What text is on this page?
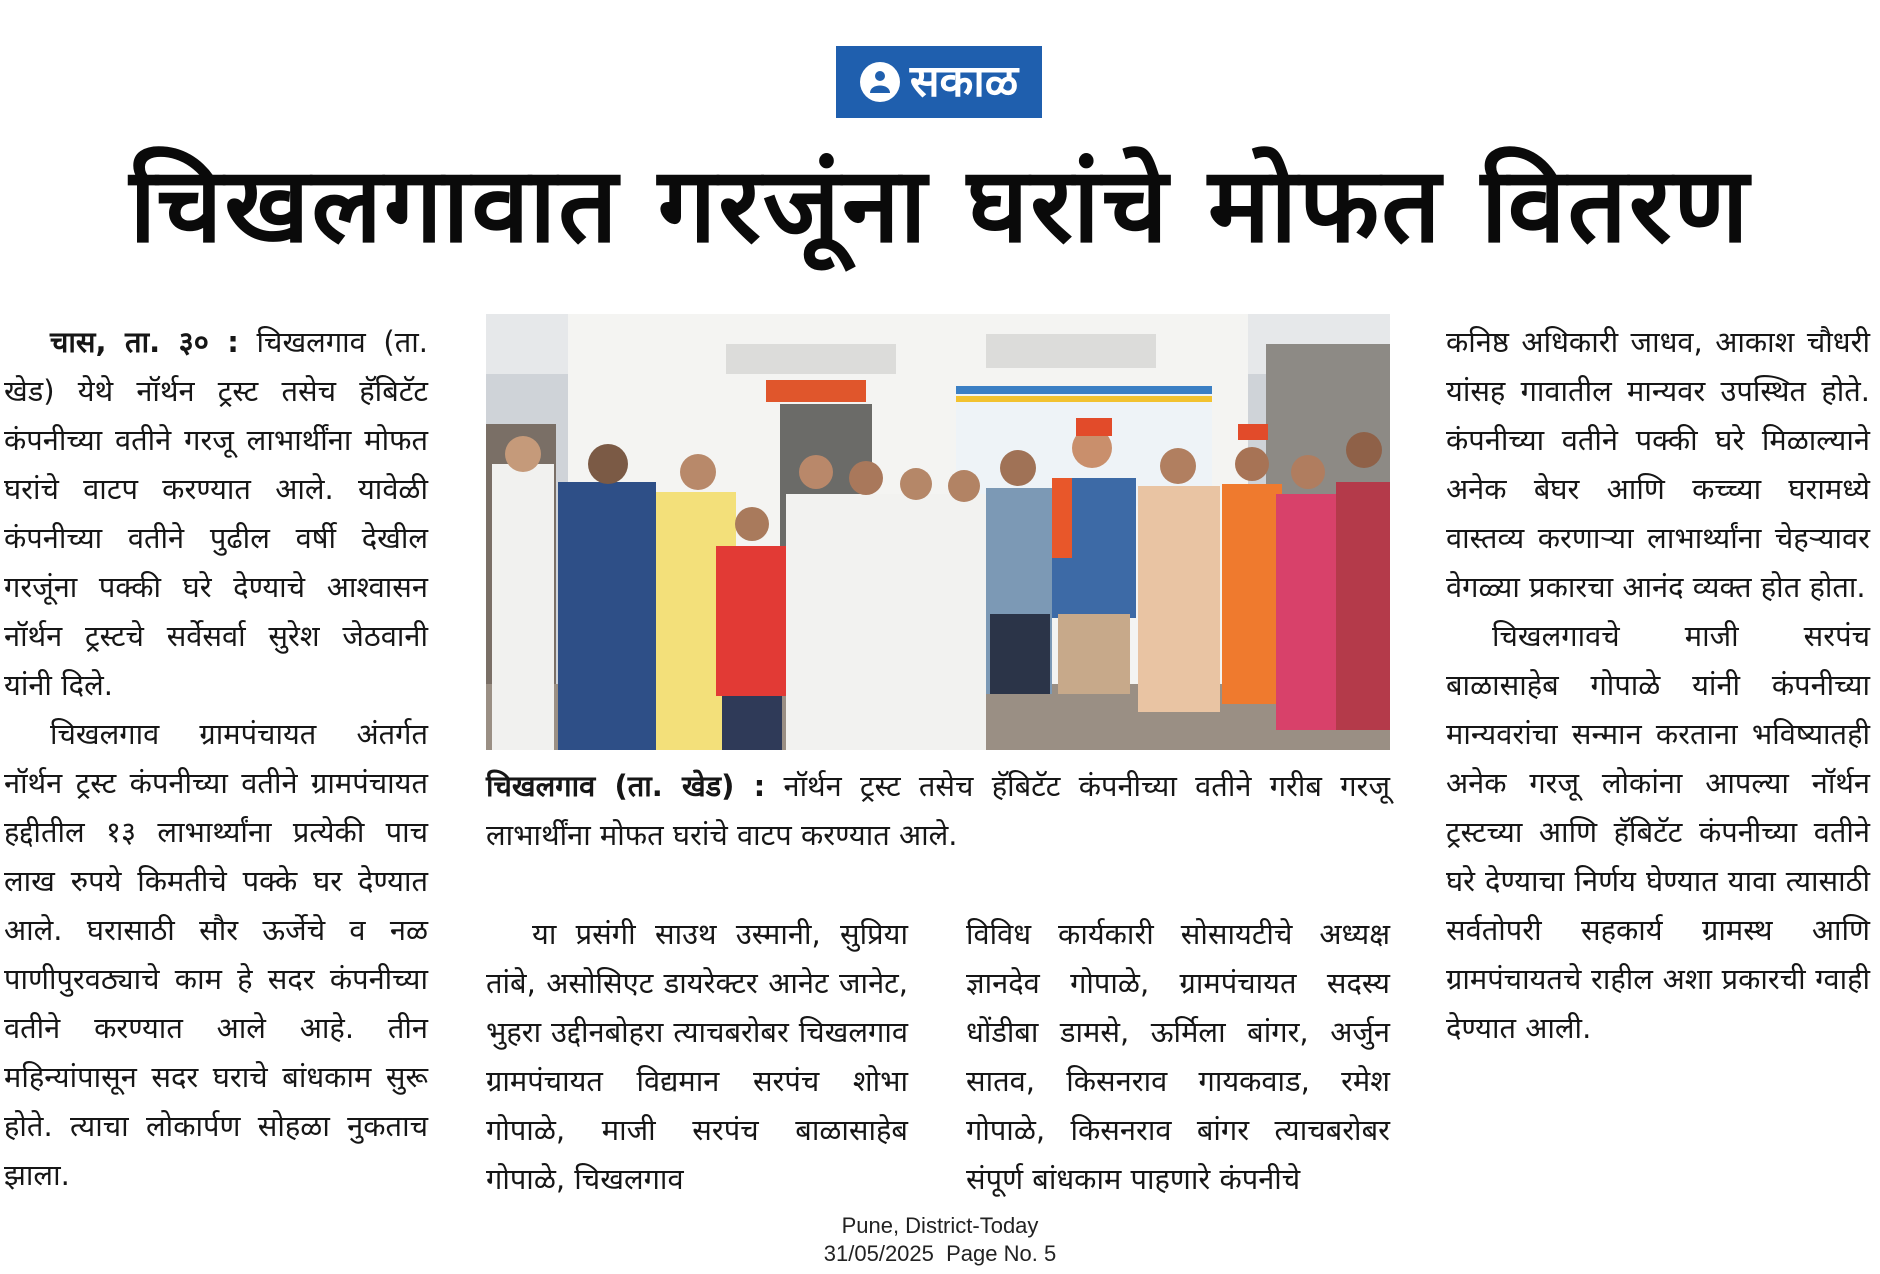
सकाळ
चिखलगावात गरजूंना घरांचे मोफत वितरण

चास, ता. ३० : चिखलगाव (ता. खेड) येथे नॉर्थन ट्रस्ट तसेच हॅबिटॅट कंपनीच्या वतीने गरजू लाभार्थींना मोफत घरांचे वाटप करण्यात आले. यावेळी कंपनीच्या वतीने पुढील वर्षी देखील गरजूंना पक्की घरे देण्याचे आश्वासन नॉर्थन ट्रस्टचे सर्वेसर्वा सुरेश जेठवानी यांनी दिले.

चिखलगाव ग्रामपंचायत अंतर्गत नॉर्थन ट्रस्ट कंपनीच्या वतीने ग्रामपंचायत हद्दीतील १३ लाभार्थ्यांना प्रत्येकी पाच लाख रुपये किमतीचे पक्के घर देण्यात आले. घरासाठी सौर ऊर्जेचे व नळ पाणीपुरवठ्याचे काम हे सदर कंपनीच्या वतीने करण्यात आले आहे. तीन महिन्यांपासून सदर घराचे बांधकाम सुरू होते. त्याचा लोकार्पण सोहळा नुकताच झाला.

चिखलगाव (ता. खेड) : नॉर्थन ट्रस्ट तसेच हॅबिटॅट कंपनीच्या वतीने गरीब गरजू लाभार्थींना मोफत घरांचे वाटप करण्यात आले.

या प्रसंगी साउथ उस्मानी, सुप्रिया तांबे, असोसिएट डायरेक्टर आनेट जानेट, भुहरा उद्दीनबोहरा त्याचबरोबर चिखलगाव ग्रामपंचायत विद्यमान सरपंच शोभा गोपाळे, माजी सरपंच बाळासाहेब गोपाळे, चिखलगाव

विविध कार्यकारी सोसायटीचे अध्यक्ष ज्ञानदेव गोपाळे, ग्रामपंचायत सदस्य धोंडीबा डामसे, ऊर्मिला बांगर, अर्जुन सातव, किसनराव गायकवाड, रमेश गोपाळे, किसनराव बांगर त्याचबरोबर संपूर्ण बांधकाम पाहणारे कंपनीचे

कनिष्ठ अधिकारी जाधव, आकाश चौधरी यांसह गावातील मान्यवर उपस्थित होते. कंपनीच्या वतीने पक्की घरे मिळाल्याने अनेक बेघर आणि कच्च्या घरामध्ये वास्तव्य करणाऱ्या लाभार्थ्यांना चेहऱ्यावर वेगळ्या प्रकारचा आनंद व्यक्त होत होता.

चिखलगावचे माजी सरपंच बाळासाहेब गोपाळे यांनी कंपनीच्या मान्यवरांचा सन्मान करताना भविष्यातही अनेक गरजू लोकांना आपल्या नॉर्थन ट्रस्टच्या आणि हॅबिटॅट कंपनीच्या वतीने घरे देण्याचा निर्णय घेण्यात यावा त्यासाठी सर्वतोपरी सहकार्य ग्रामस्थ आणि ग्रामपंचायतचे राहील अशा प्रकारची ग्वाही देण्यात आली.

Pune, District-Today
31/05/2025  Page No. 5
